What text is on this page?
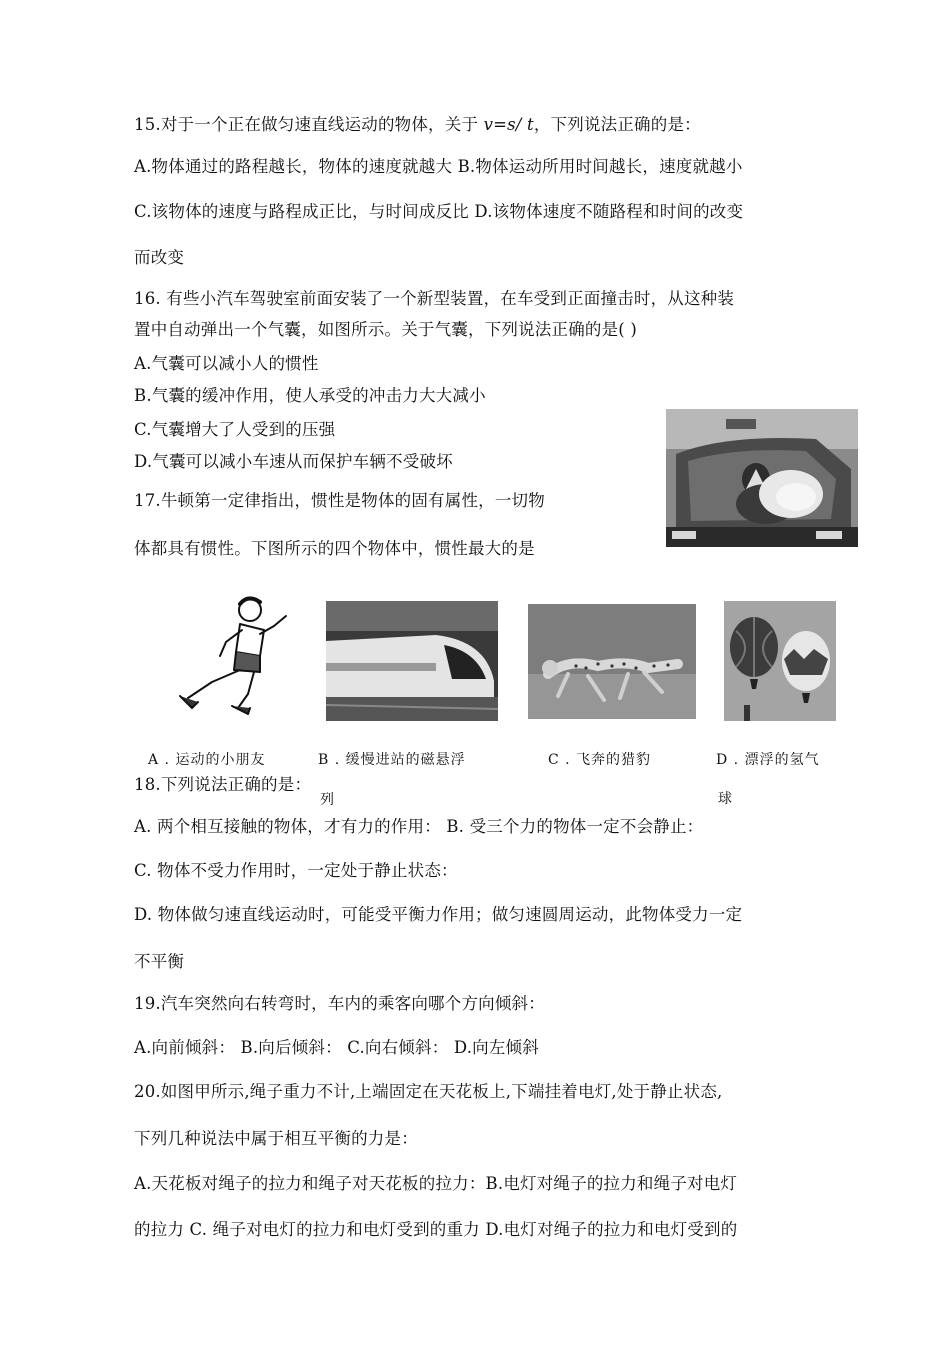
15.对于一个正在做匀速直线运动的物体，关于 v=s/ t，下列说法正确的是：
A.物体通过的路程越长，物体的速度就越大 B.物体运动所用时间越长，速度就越小
C.该物体的速度与路程成正比，与时间成反比 D.该物体速度不随路程和时间的改变
而改变
16. 有些小汽车驾驶室前面安装了一个新型装置，在车受到正面撞击时，从这种装
置中自动弹出一个气囊，如图所示。关于气囊，下列说法正确的是( )
A.气囊可以减小人的惯性
B.气囊的缓冲作用，使人承受的冲击力大大减小
C.气囊增大了人受到的压强
D.气囊可以减小车速从而保护车辆不受破坏
17.牛顿第一定律指出，惯性是物体的固有属性，一切物
体都具有惯性。下图所示的四个物体中，惯性最大的是
A . 运动的小朋友	B . 缓慢进站的磁悬浮
列
C . 飞奔的猎豹	D . 漂浮的氢气
球
18.下列说法正确的是：
A. 两个相互接触的物体，才有力的作用： B. 受三个力的物体一定不会静止：
C. 物体不受力作用时，一定处于静止状态：
D. 物体做匀速直线运动时，可能受平衡力作用；做匀速圆周运动，此物体受力一定
不平衡
19.汽车突然向右转弯时，车内的乘客向哪个方向倾斜：
A.向前倾斜： B.向后倾斜： C.向右倾斜： D.向左倾斜
20.如图甲所示,绳子重力不计,上端固定在天花板上,下端挂着电灯,处于静止状态,
下列几种说法中属于相互平衡的力是：
A.天花板对绳子的拉力和绳子对天花板的拉力：B.电灯对绳子的拉力和绳子对电灯
的拉力 C. 绳子对电灯的拉力和电灯受到的重力 D.电灯对绳子的拉力和电灯受到的
